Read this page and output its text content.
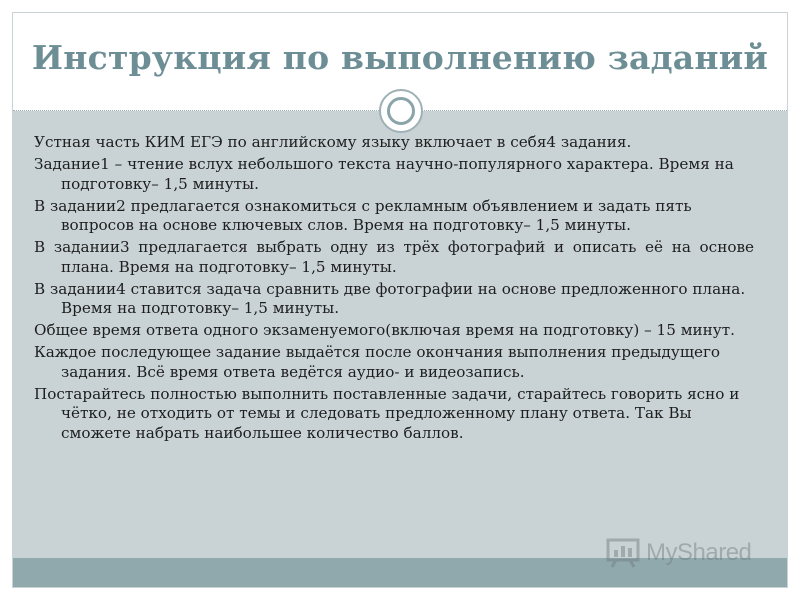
Инструкция по выполнению заданий

Устная часть КИМ ЕГЭ по английскому языку включает в себя4 задания.

Задание1 – чтение вслух небольшого текста научно-популярного характера. Время на подготовку– 1,5 минуты.

В задании2 предлагается ознакомиться с рекламным объявлением и задать пять вопросов на основе ключевых слов. Время на подготовку– 1,5 минуты.

В задании3 предлагается выбрать одну из трёх фотографий и описать её на основе плана. Время на подготовку– 1,5 минуты.

В задании4 ставится задача сравнить две фотографии на основе предложенного плана. Время на подготовку– 1,5 минуты.

Общее время ответа одного экзаменуемого(включая время на подготовку) – 15 минут.

Каждое последующее задание выдаётся после окончания выполнения предыдущего задания. Всё время ответа ведётся аудио- и видеозапись.

Постарайтесь полностью выполнить поставленные задачи, старайтесь говорить ясно и чётко, не отходить от темы и следовать предложенному плану ответа. Так Вы сможете набрать наибольшее количество баллов.

MyShared
